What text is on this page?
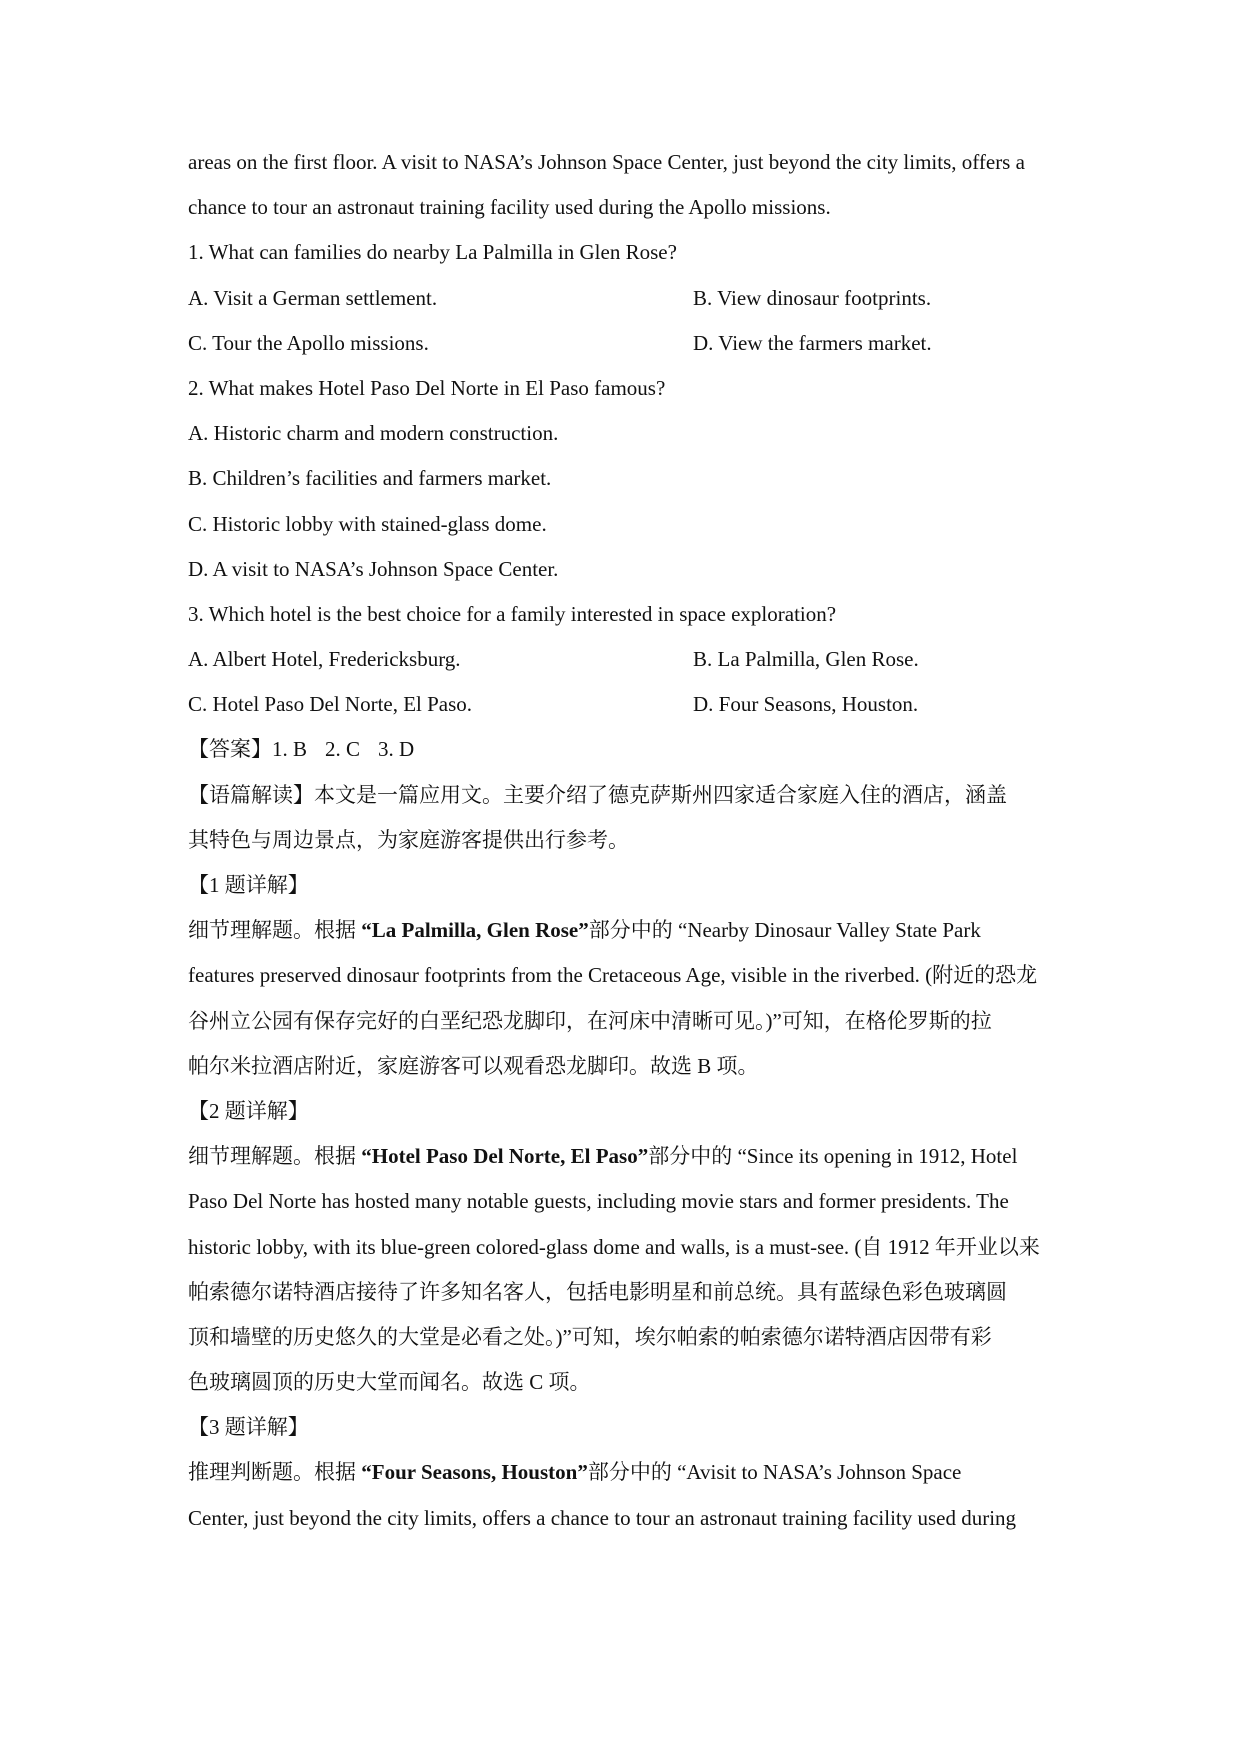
areas on the first floor. A visit to NASA’s Johnson Space Center, just beyond the city limits, offers a
chance to tour an astronaut training facility used during the Apollo missions.
1. What can families do nearby La Palmilla in Glen Rose?
A. Visit a German settlement.	B. View dinosaur footprints.
C. Tour the Apollo missions.	D. View the farmers market.
2. What makes Hotel Paso Del Norte in El Paso famous?
A. Historic charm and modern construction.
B. Children’s facilities and farmers market.
C. Historic lobby with stained-glass dome.
D. A visit to NASA’s Johnson Space Center.
3. Which hotel is the best choice for a family interested in space exploration?
A. Albert Hotel, Fredericksburg.	B. La Palmilla, Glen Rose.
C. Hotel Paso Del Norte, El Paso.	D. Four Seasons, Houston.
【答案】1. B 2. C 3. D
【语篇解读】本文是一篇应用文。主要介绍了德克萨斯州四家适合家庭入住的酒店，涵盖
其特色与周边景点，为家庭游客提供出行参考。
【1 题详解】
细节理解题。根据 “La Palmilla, Glen Rose”部分中的 “Nearby Dinosaur Valley State Park
features preserved dinosaur footprints from the Cretaceous Age, visible in the riverbed. (附近的恐龙
谷州立公园有保存完好的白垩纪恐龙脚印，在河床中清晰可见。)”可知，在格伦罗斯的拉
帕尔米拉酒店附近，家庭游客可以观看恐龙脚印。故选 B 项。
【2 题详解】
细节理解题。根据 “Hotel Paso Del Norte, El Paso”部分中的 “Since its opening in 1912, Hotel
Paso Del Norte has hosted many notable guests, including movie stars and former presidents. The
historic lobby, with its blue-green colored-glass dome and walls, is a must-see. (自 1912 年开业以来
帕索德尔诺特酒店接待了许多知名客人，包括电影明星和前总统。具有蓝绿色彩色玻璃圆
顶和墙壁的历史悠久的大堂是必看之处。)”可知，埃尔帕索的帕索德尔诺特酒店因带有彩
色玻璃圆顶的历史大堂而闻名。故选 C 项。
【3 题详解】
推理判断题。根据 “Four Seasons, Houston”部分中的 “Avisit to NASA’s Johnson Space
Center, just beyond the city limits, offers a chance to tour an astronaut training facility used during
